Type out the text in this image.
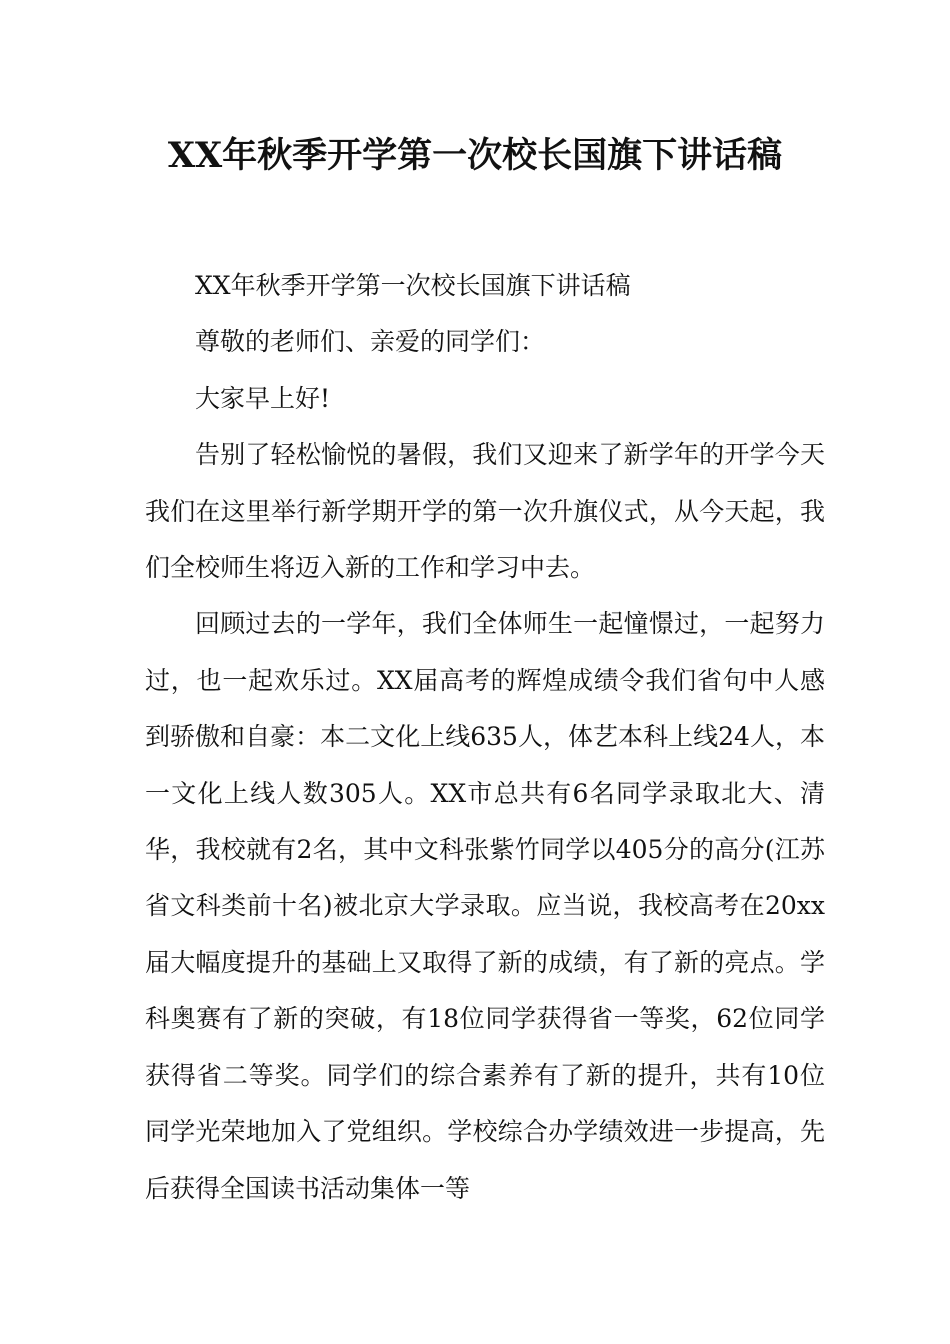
XX年秋季开学第一次校长国旗下讲话稿

XX年秋季开学第一次校长国旗下讲话稿

尊敬的老师们、亲爱的同学们：

大家早上好!

告别了轻松愉悦的暑假，我们又迎来了新学年的开学今天我们在这里举行新学期开学的第一次升旗仪式，从今天起，我们全校师生将迈入新的工作和学习中去。

回顾过去的一学年，我们全体师生一起憧憬过，一起努力过，也一起欢乐过。XX届高考的辉煌成绩令我们省句中人感到骄傲和自豪：本二文化上线635人，体艺本科上线24人，本一文化上线人数305人。XX市总共有6名同学录取北大、清华，我校就有2名，其中文科张紫竹同学以405分的高分(江苏省文科类前十名)被北京大学录取。应当说，我校高考在20xx届大幅度提升的基础上又取得了新的成绩，有了新的亮点。学科奥赛有了新的突破，有18位同学获得省一等奖，62位同学获得省二等奖。同学们的综合素养有了新的提升，共有10位同学光荣地加入了党组织。学校综合办学绩效进一步提高，先后获得全国读书活动集体一等
